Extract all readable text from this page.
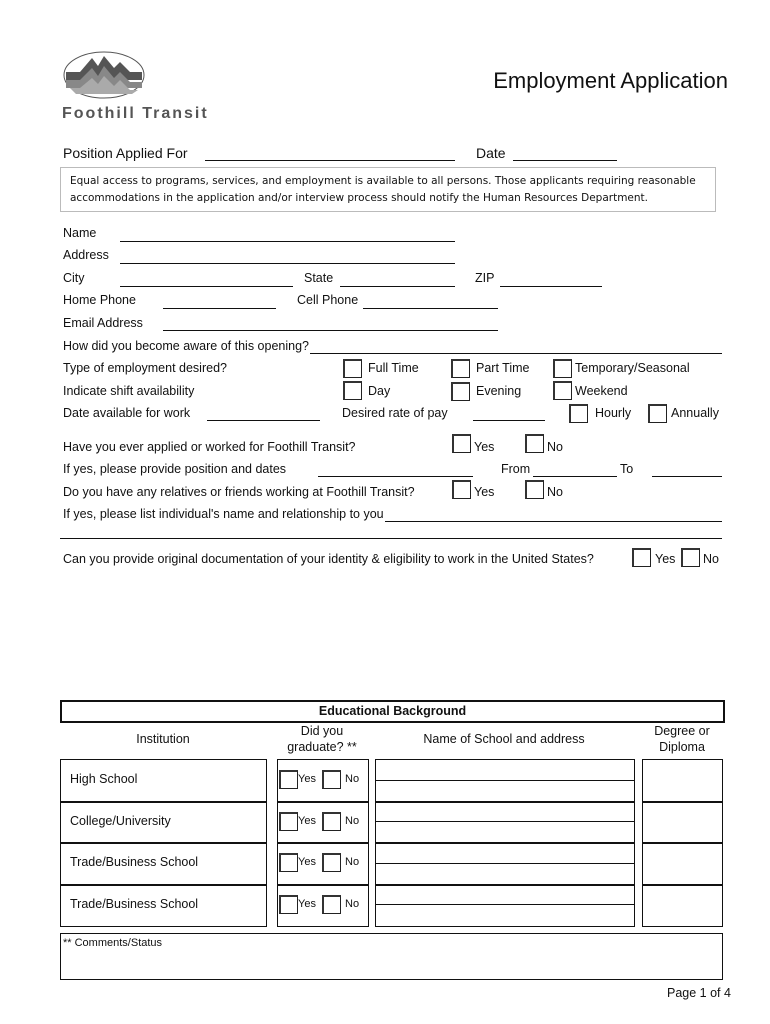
Foothill Transit
Employment Application
Position Applied For	Date
Equal access to programs, services, and employment is available to all persons. Those applicants requiring reasonable
accommodations in the application and/or interview process should notify the Human Resources Department.
Name
Address
City	State	ZIP
Home Phone	Cell Phone
Email Address
How did you become aware of this opening?
Type of employment desired?	Full Time	Part Time	Temporary/Seasonal
Indicate shift availability	Day	Evening	Weekend
Date available for work	Desired rate of pay	Hourly	Annually
Have you ever applied or worked for Foothill Transit?	Yes	No
If yes, please provide position and dates	From	To
Do you have any relatives or friends working at Foothill Transit?	Yes	No
If yes, please list individual's name and relationship to you
Can you provide original documentation of your identity & eligibility to work in the United States?	Yes No
Educational Background
Institution
Did you
graduate? **
Name of School and address
Degree or
Diploma
High School	Yes	No
College/University	Yes	No
Trade/Business School	Yes	No
Trade/Business School	Yes	No
** Comments/Status
Page 1 of 4
